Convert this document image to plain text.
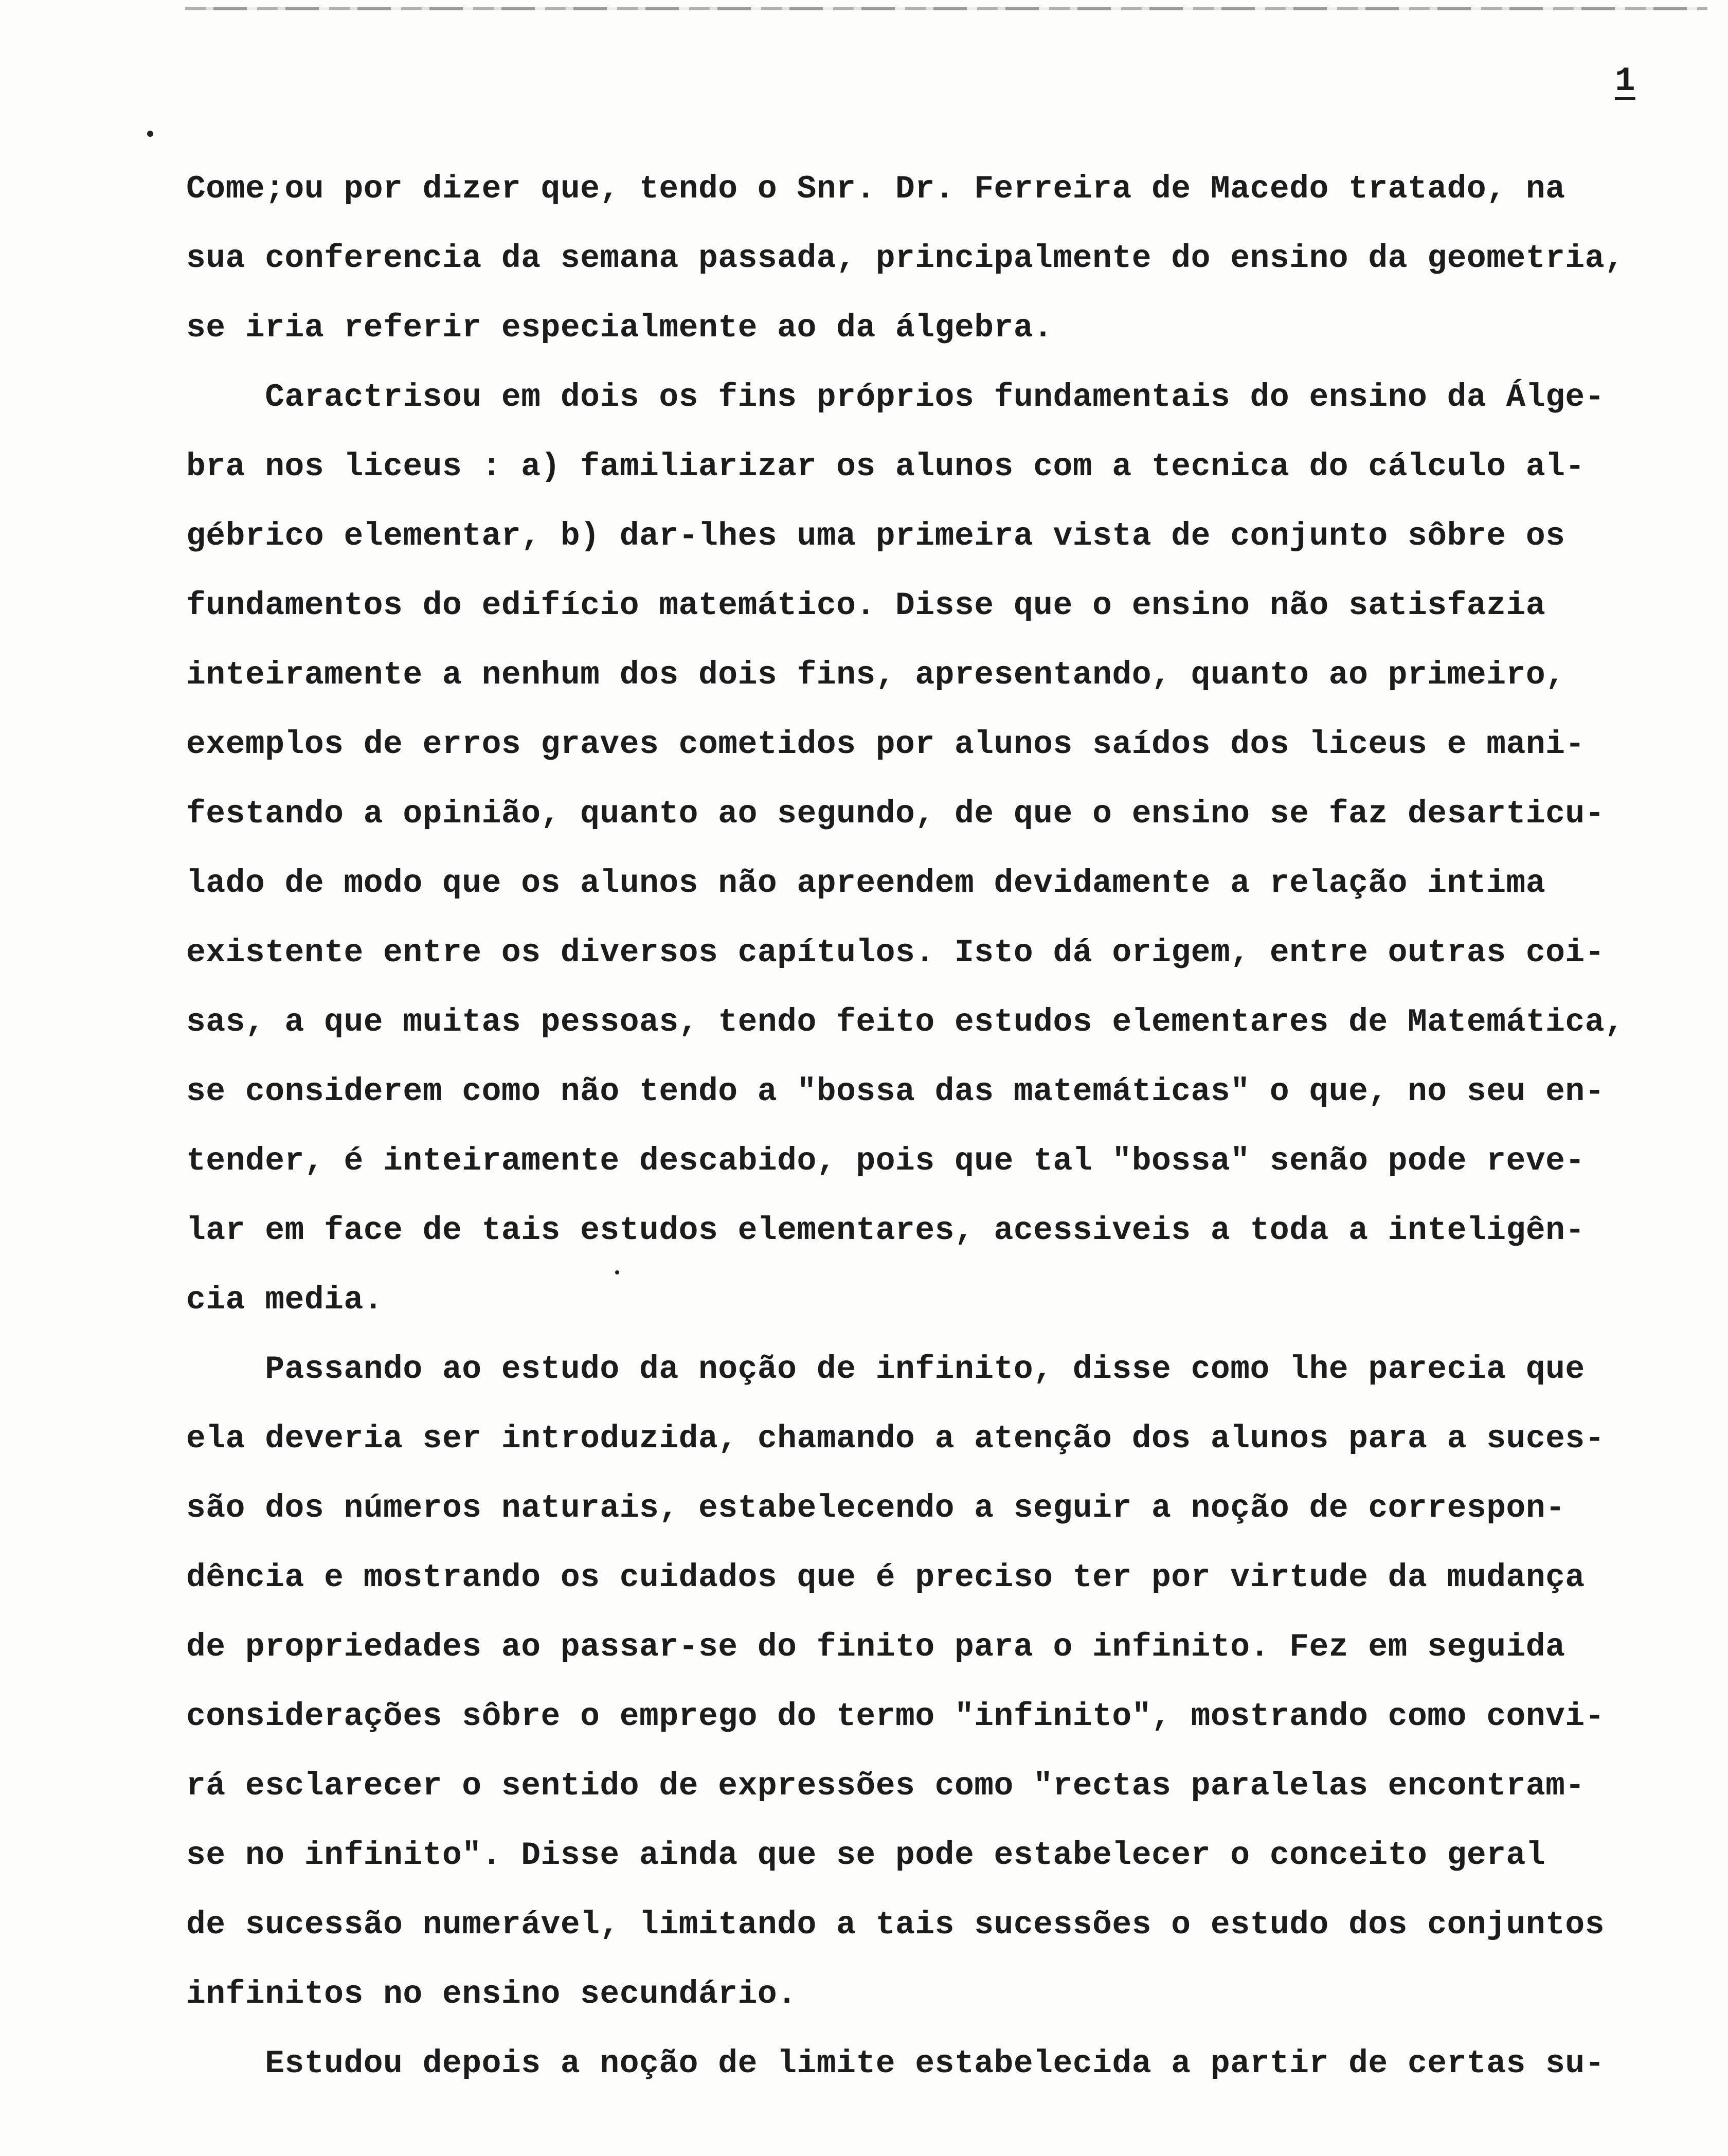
1
Come;ou por dizer que, tendo o Snr. Dr. Ferreira de Macedo tratado, na
sua conferencia da semana passada, principalmente do ensino da geometria,
se iria referir especialmente ao da álgebra.
Caractrisou em dois os fins próprios fundamentais do ensino da Álge-
bra nos liceus : a) familiarizar os alunos com a tecnica do cálculo al-
gébrico elementar, b) dar-lhes uma primeira vista de conjunto sôbre os
fundamentos do edifício matemático. Disse que o ensino não satisfazia
inteiramente a nenhum dos dois fins, apresentando, quanto ao primeiro,
exemplos de erros graves cometidos por alunos saídos dos liceus e mani-
festando a opinião, quanto ao segundo, de que o ensino se faz desarticu-
lado de modo que os alunos não apreendem devidamente a relação intima
existente entre os diversos capítulos. Isto dá origem, entre outras coi-
sas, a que muitas pessoas, tendo feito estudos elementares de Matemática,
se considerem como não tendo a "bossa das matemáticas" o que, no seu en-
tender, é inteiramente descabido, pois que tal "bossa" senão pode reve-
lar em face de tais estudos elementares, acessiveis a toda a inteligên-
cia media.
Passando ao estudo da noção de infinito, disse como lhe parecia que
ela deveria ser introduzida, chamando a atenção dos alunos para a suces-
são dos números naturais, estabelecendo a seguir a noção de correspon-
dência e mostrando os cuidados que é preciso ter por virtude da mudança
de propriedades ao passar-se do finito para o infinito. Fez em seguida
considerações sôbre o emprego do termo "infinito", mostrando como convi-
rá esclarecer o sentido de expressões como "rectas paralelas encontram-
se no infinito". Disse ainda que se pode estabelecer o conceito geral
de sucessão numerável, limitando a tais sucessões o estudo dos conjuntos
infinitos no ensino secundário.
Estudou depois a noção de limite estabelecida a partir de certas su-
